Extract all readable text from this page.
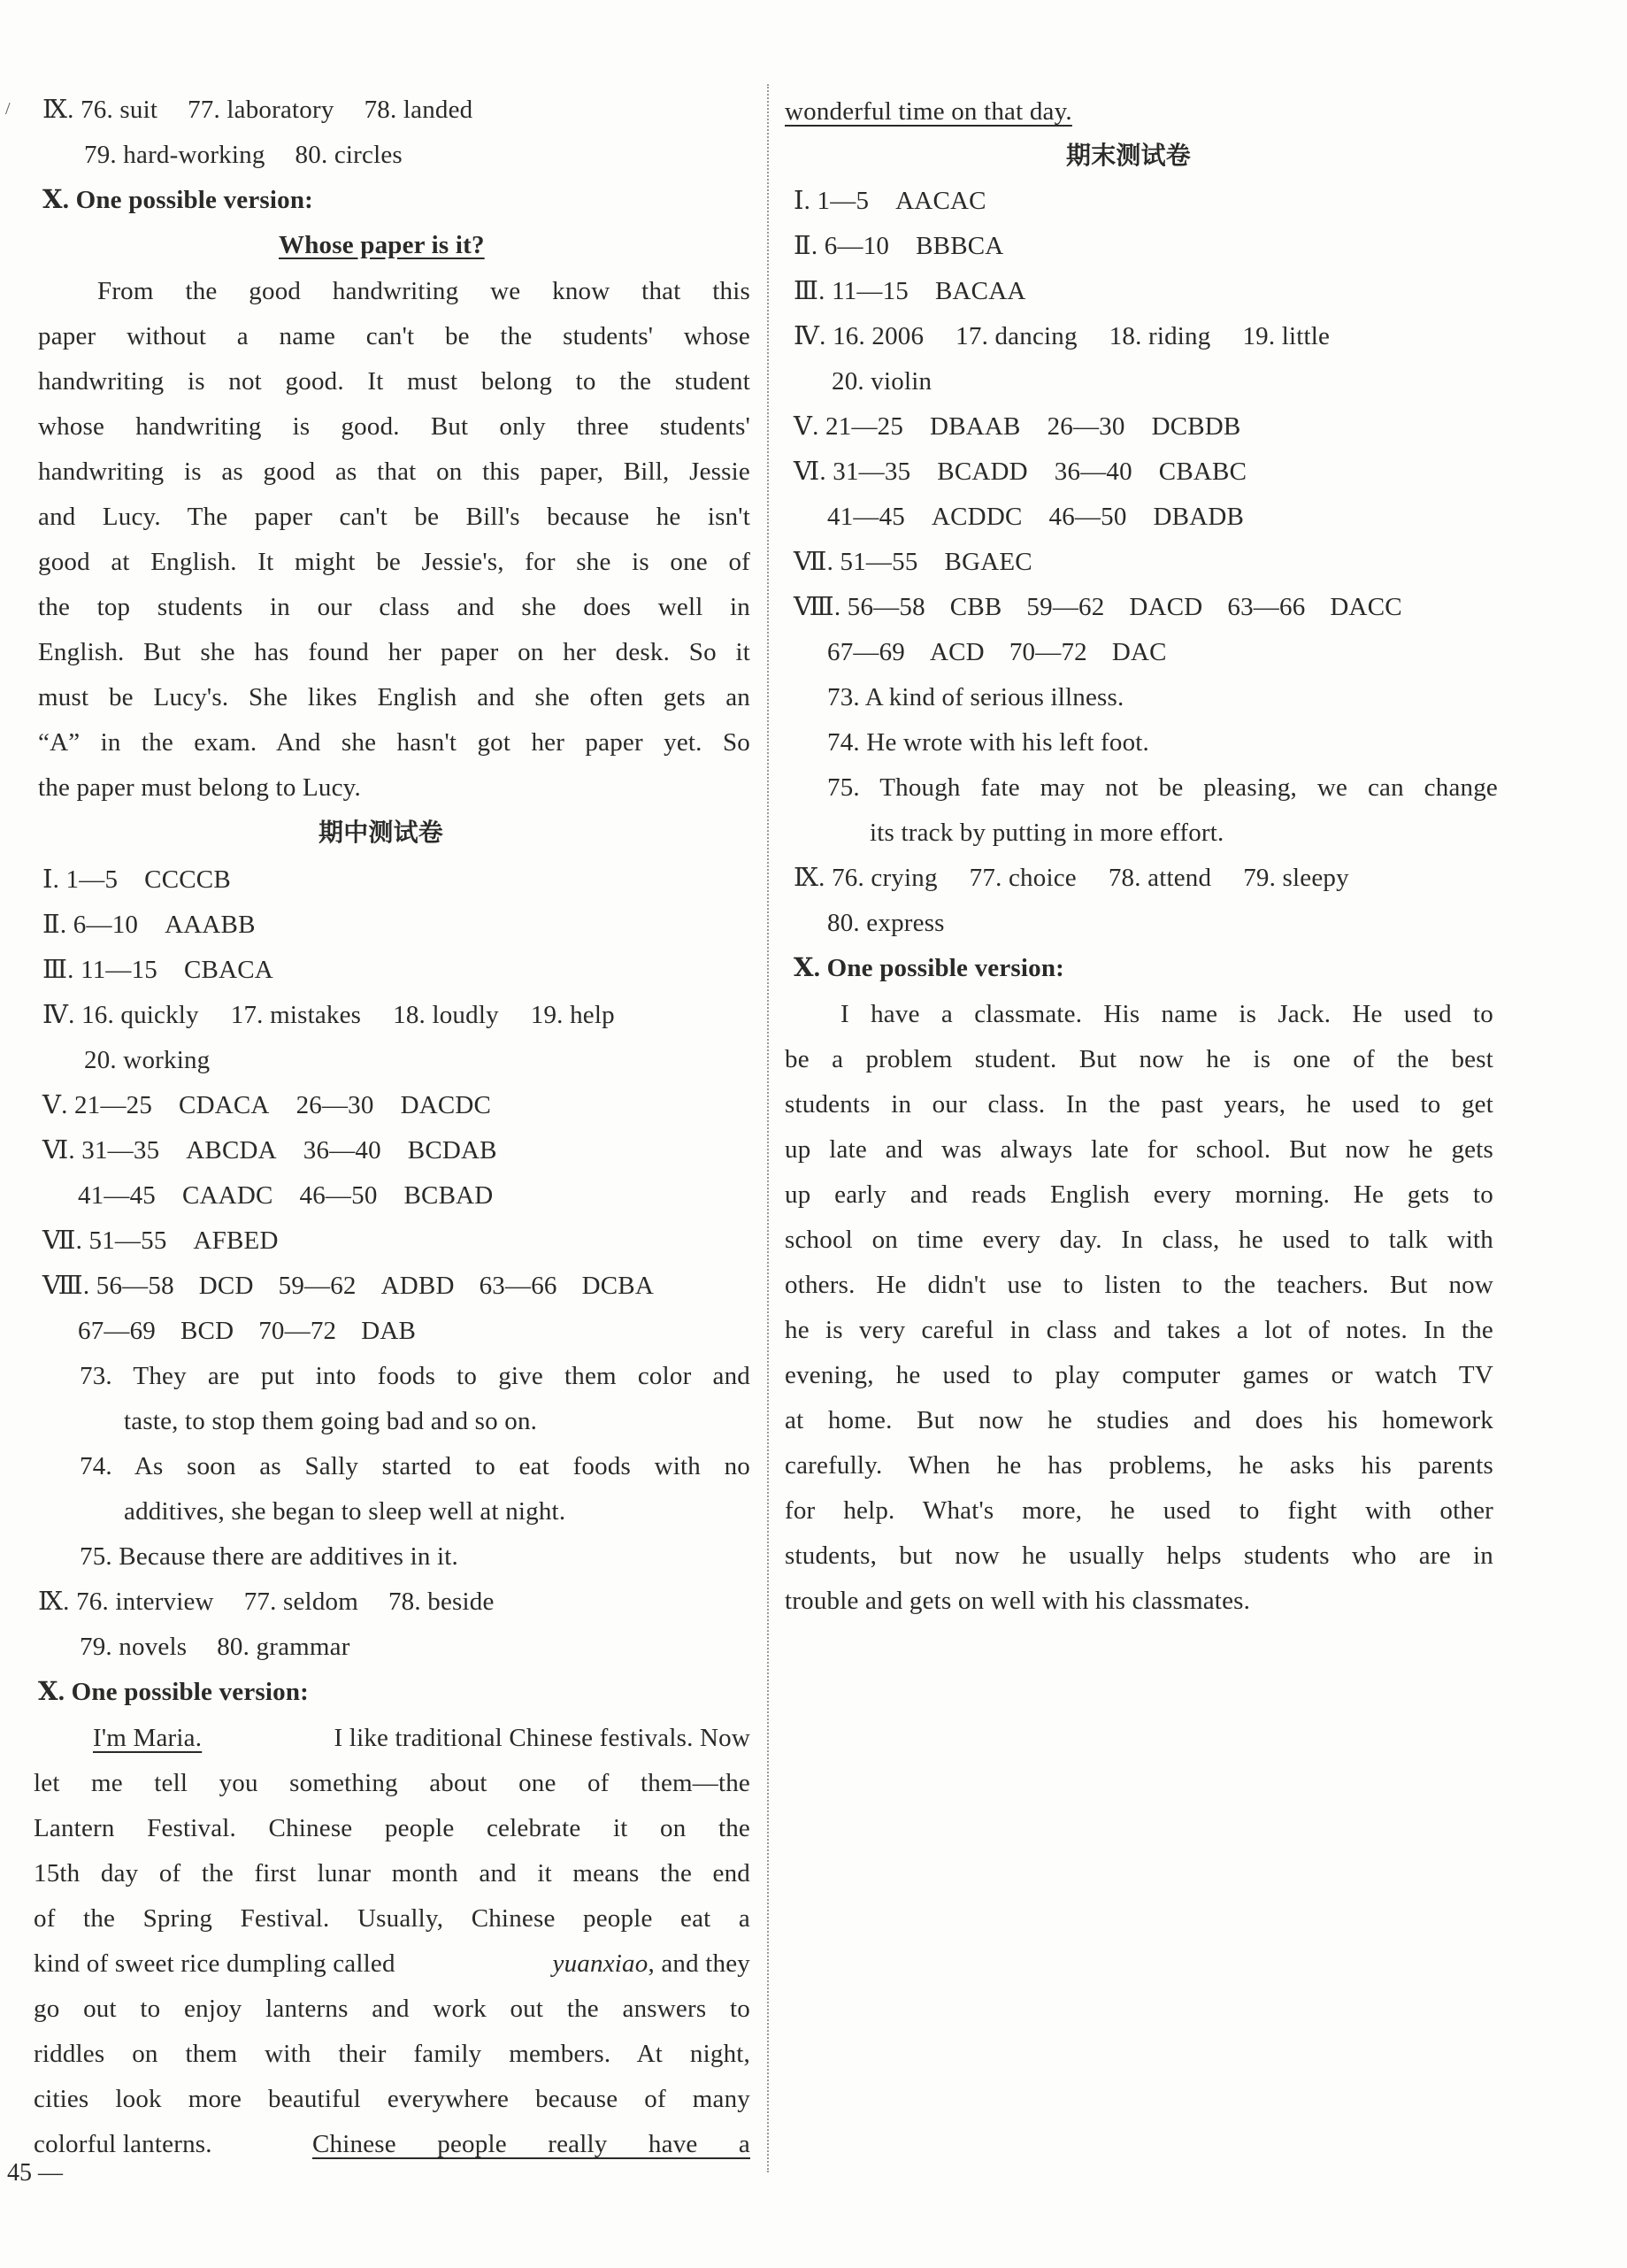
/ Ⅸ. 76. suit 77. laboratory 78. landed
79. hard-working 80. circles
Ⅹ. One possible version:
Whose paper is it?
From the good handwriting we know that this
paper without a name can't be the students' whose
handwriting is not good. It must belong to the student
whose handwriting is good. But only three students'
handwriting is as good as that on this paper, Bill, Jessie
and Lucy. The paper can't be Bill's because he isn't
good at English. It might be Jessie's, for she is one of
the top students in our class and she does well in
English. But she has found her paper on her desk. So it
must be Lucy's. She likes English and she often gets an
“A” in the exam. And she hasn't got her paper yet. So
the paper must belong to Lucy.
期中测试卷
Ⅰ. 1—5 CCCCB
Ⅱ. 6—10 AAABB
Ⅲ. 11—15 CBACA
Ⅳ. 16. quickly 17. mistakes 18. loudly 19. help
20. working
Ⅴ. 21—25 CDACA 26—30 DACDC
Ⅵ. 31—35 ABCDA 36—40 BCDAB
41—45 CAADC 46—50 BCBAD
Ⅶ. 51—55 AFBED
Ⅷ. 56—58 DCD 59—62 ADBD 63—66 DCBA
67—69 BCD 70—72 DAB
73. They are put into foods to give them color and
taste, to stop them going bad and so on.
74. As soon as Sally started to eat foods with no
additives, she began to sleep well at night.
75. Because there are additives in it.
Ⅸ. 76. interview 77. seldom 78. beside
79. novels 80. grammar
Ⅹ. One possible version:
I'm Maria.	I like traditional Chinese festivals. Now
let me tell you something about one of them—the
Lantern Festival. Chinese people celebrate it on the
15th day of the first lunar month and it means the end
of the Spring Festival. Usually, Chinese people eat a
kind of sweet rice dumpling called	yuanxiao, and they
go out to enjoy lanterns and work out the answers to
riddles on them with their family members. At night,
cities look more beautiful everywhere because of many
colorful lanterns.	Chinese people really have a
wonderful time on that day.
期末测试卷
Ⅰ. 1—5 AACAC
Ⅱ. 6—10 BBBCA
Ⅲ. 11—15 BACAA
Ⅳ. 16. 2006 17. dancing 18. riding 19. little
20. violin
Ⅴ. 21—25 DBAAB 26—30 DCBDB
Ⅵ. 31—35 BCADD 36—40 CBABC
41—45 ACDDC 46—50 DBADB
Ⅶ. 51—55 BGAEC
Ⅷ. 56—58 CBB 59—62 DACD 63—66 DACC
67—69 ACD 70—72 DAC
73. A kind of serious illness.
74. He wrote with his left foot.
75. Though fate may not be pleasing, we can change
its track by putting in more effort.
Ⅸ. 76. crying 77. choice 78. attend 79. sleepy
80. express
Ⅹ. One possible version:
I have a classmate. His name is Jack. He used to
be a problem student. But now he is one of the best
students in our class. In the past years, he used to get
up late and was always late for school. But now he gets
up early and reads English every morning. He gets to
school on time every day. In class, he used to talk with
others. He didn't use to listen to the teachers. But now
he is very careful in class and takes a lot of notes. In the
evening, he used to play computer games or watch TV
at home. But now he studies and does his homework
carefully. When he has problems, he asks his parents
for help. What's more, he used to fight with other
students, but now he usually helps students who are in
trouble and gets on well with his classmates.
45 —
